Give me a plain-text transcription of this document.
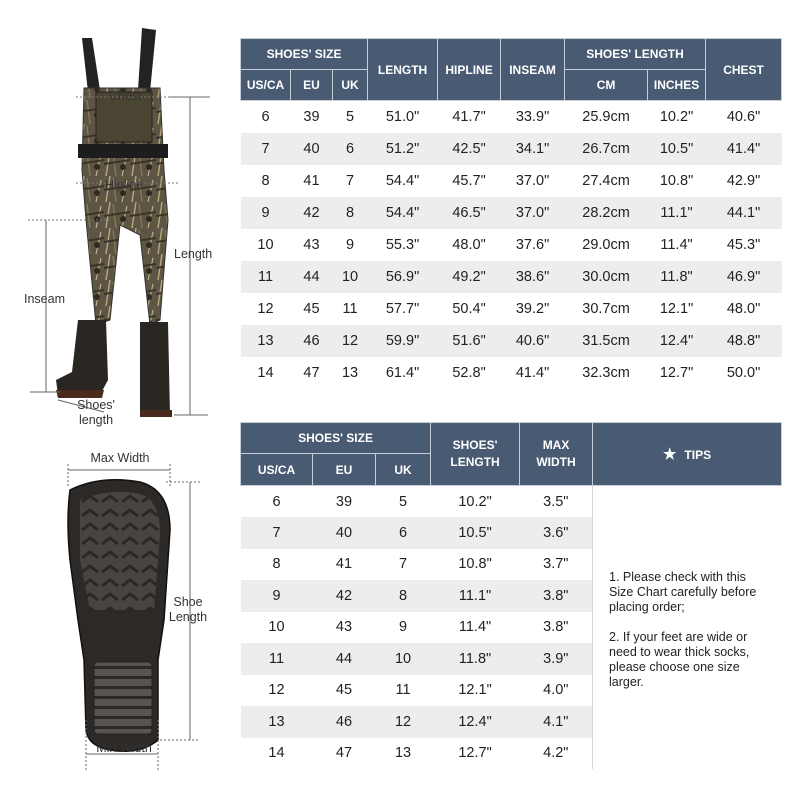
Chest
Hipline
Length
Inseam
Shoes' length
Max Width
Shoe Length
Min Width
SHOES' SIZE			LENGTH	HIPLINE	INSEAM	SHOES' LENGTH		CHEST
US/CA	EU	UK				CM	INCHES	
6	39	5	51.0"	41.7"	33.9"	25.9cm	10.2"	40.6"
7	40	6	51.2"	42.5"	34.1"	26.7cm	10.5"	41.4"
8	41	7	54.4"	45.7"	37.0"	27.4cm	10.8"	42.9"
9	42	8	54.4"	46.5"	37.0"	28.2cm	11.1"	44.1"
10	43	9	55.3"	48.0"	37.6"	29.0cm	11.4"	45.3"
11	44	10	56.9"	49.2"	38.6"	30.0cm	11.8"	46.9"
12	45	11	57.7"	50.4"	39.2"	30.7cm	12.1"	48.0"
13	46	12	59.9"	51.6"	40.6"	31.5cm	12.4"	48.8"
14	47	13	61.4"	52.8"	41.4"	32.3cm	12.7"	50.0"
SHOES' SIZE			SHOES' LENGTH	MAX WIDTH	★ TIPS
US/CA	EU	UK			
6	39	5	10.2"	3.5"	1. Please check with this Size Chart carefully before placing order;

2. If your feet are wide or need to wear thick socks, please choose one size larger.

7	40	6	10.5"	3.6"	
8	41	7	10.8"	3.7"	
9	42	8	11.1"	3.8"	
10	43	9	11.4"	3.8"	
11	44	10	11.8"	3.9"	
12	45	11	12.1"	4.0"	
13	46	12	12.4"	4.1"	
14	47	13	12.7"	4.2"	
